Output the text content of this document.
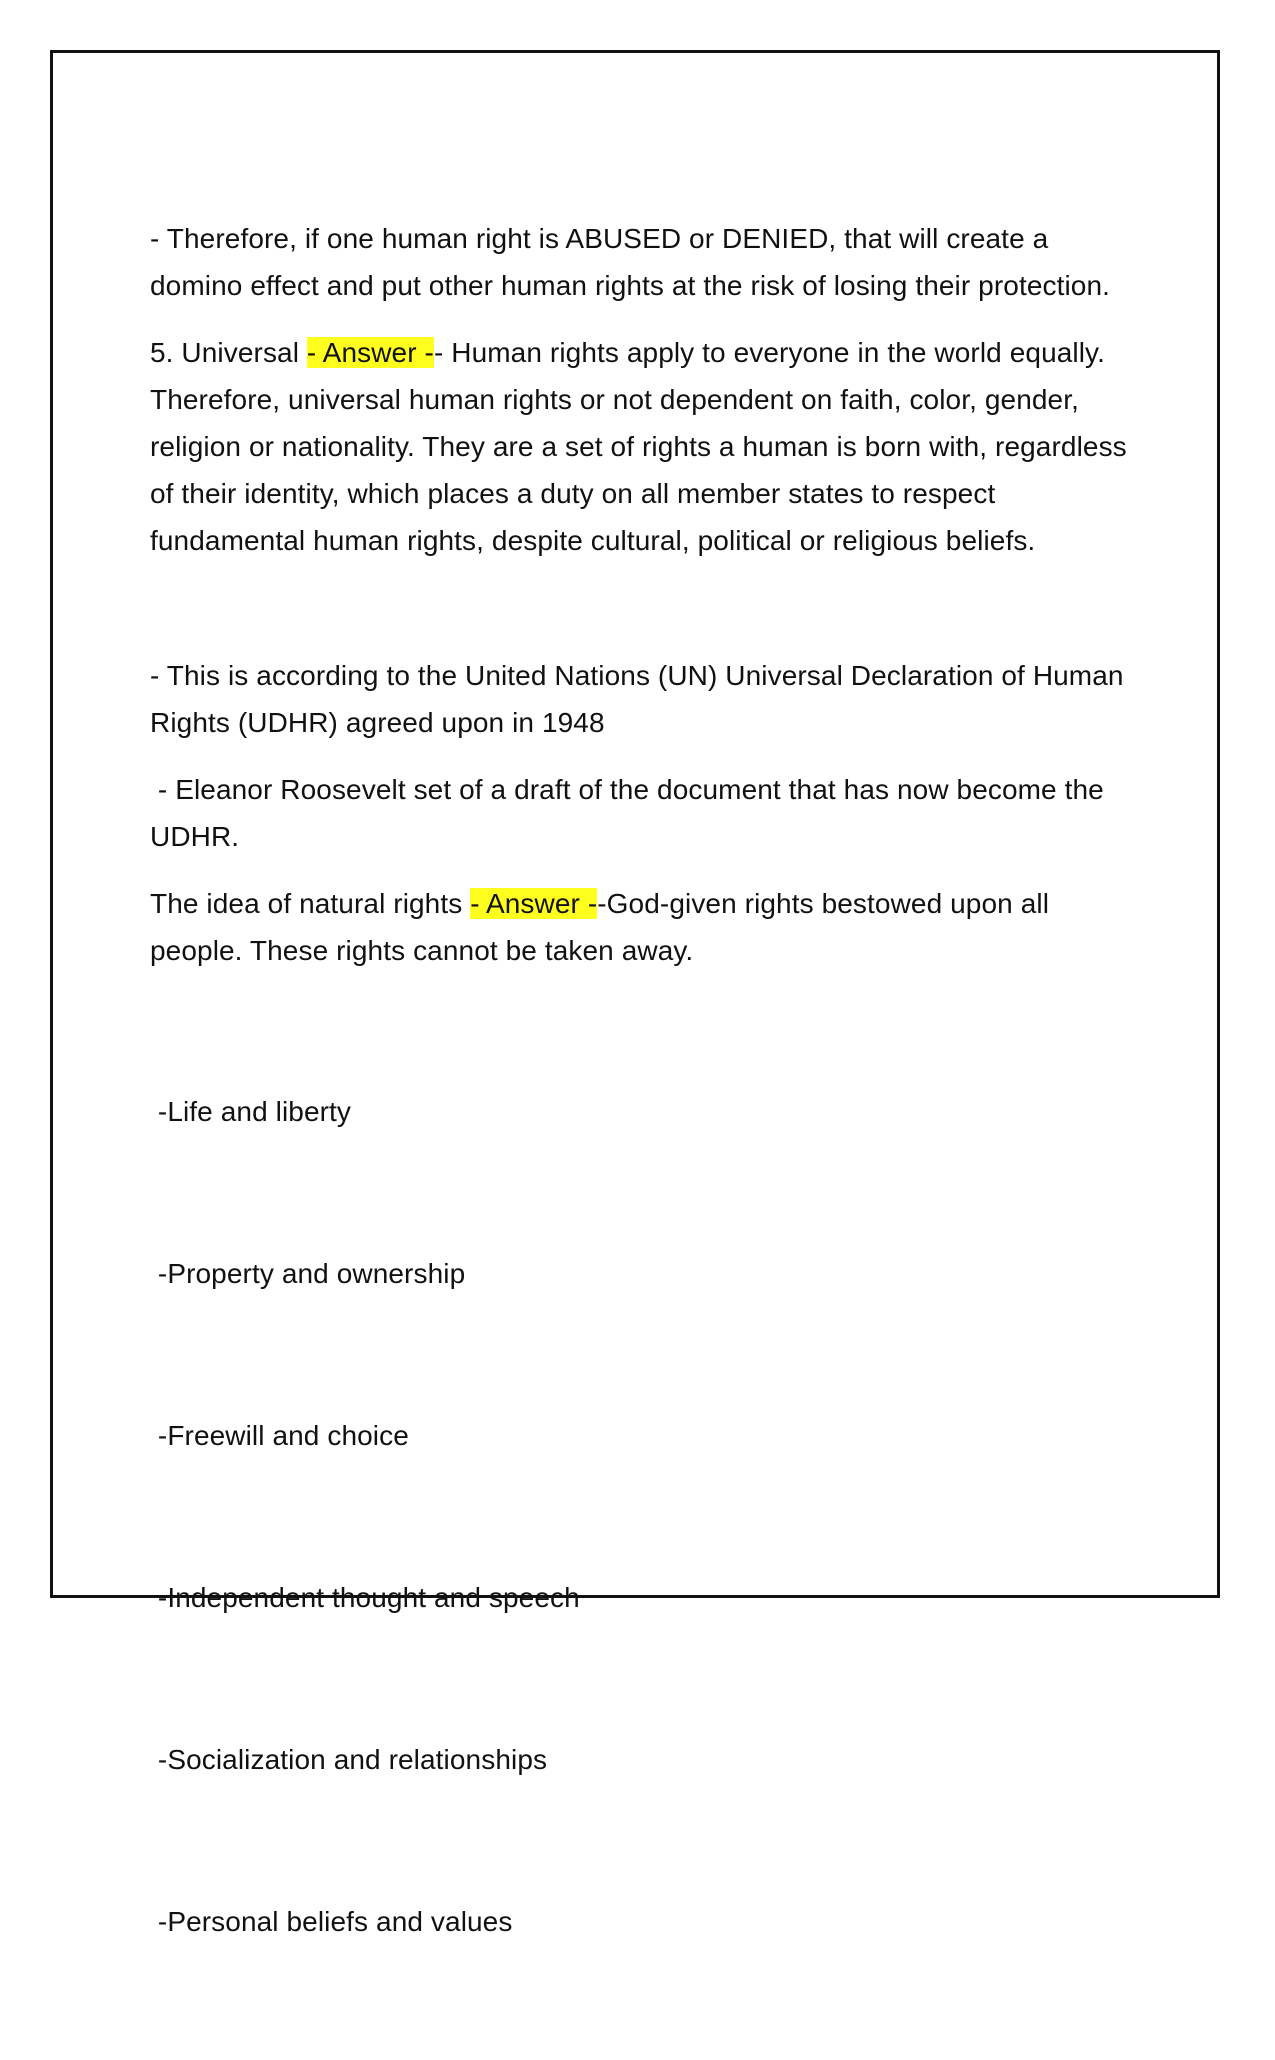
- Therefore, if one human right is ABUSED or DENIED, that will create a domino effect and put other human rights at the risk of losing their protection.

5. Universal - Answer -- Human rights apply to everyone in the world equally. Therefore, universal human rights or not dependent on faith, color, gender, religion or nationality. They are a set of rights a human is born with, regardless of their identity, which places a duty on all member states to respect fundamental human rights, despite cultural, political or religious beliefs.

- This is according to the United Nations (UN) Universal Declaration of Human Rights (UDHR) agreed upon in 1948

- Eleanor Roosevelt set of a draft of the document that has now become the UDHR.

The idea of natural rights - Answer --God-given rights bestowed upon all people. These rights cannot be taken away.

-Life and liberty

-Property and ownership

-Freewill and choice

-Independent thought and speech

-Socialization and relationships

-Personal beliefs and values
